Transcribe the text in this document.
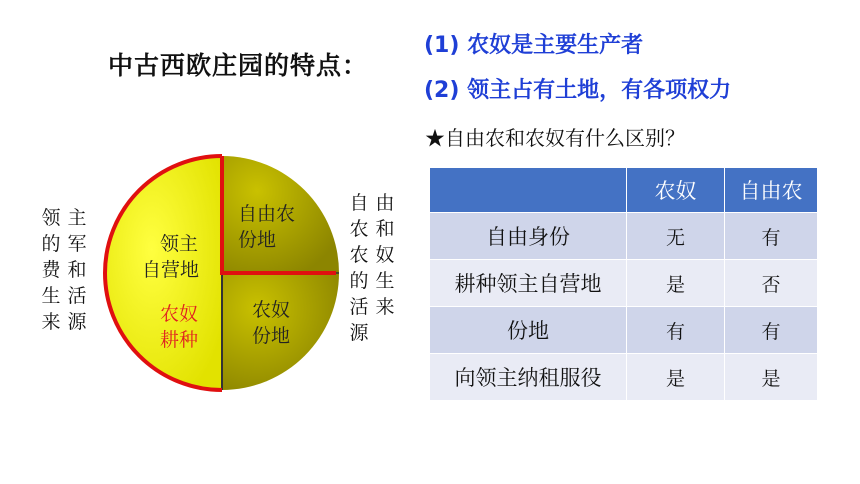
中古西欧庄园的特点：
(1) 农奴是主要生产者
(2) 领主占有土地，有各项权力
★自由农和农奴有什么区别？
领
的
费
生
来
主
军
和
活
源
自
农
农
的
活
源
由
和
奴
生
来
领主
自营地
农奴
耕种
自由农
份地
农奴
份地
	农奴	自由农
自由身份	无	有
耕种领主自营地	是	否
份地	有	有
向领主纳租服役	是	是
